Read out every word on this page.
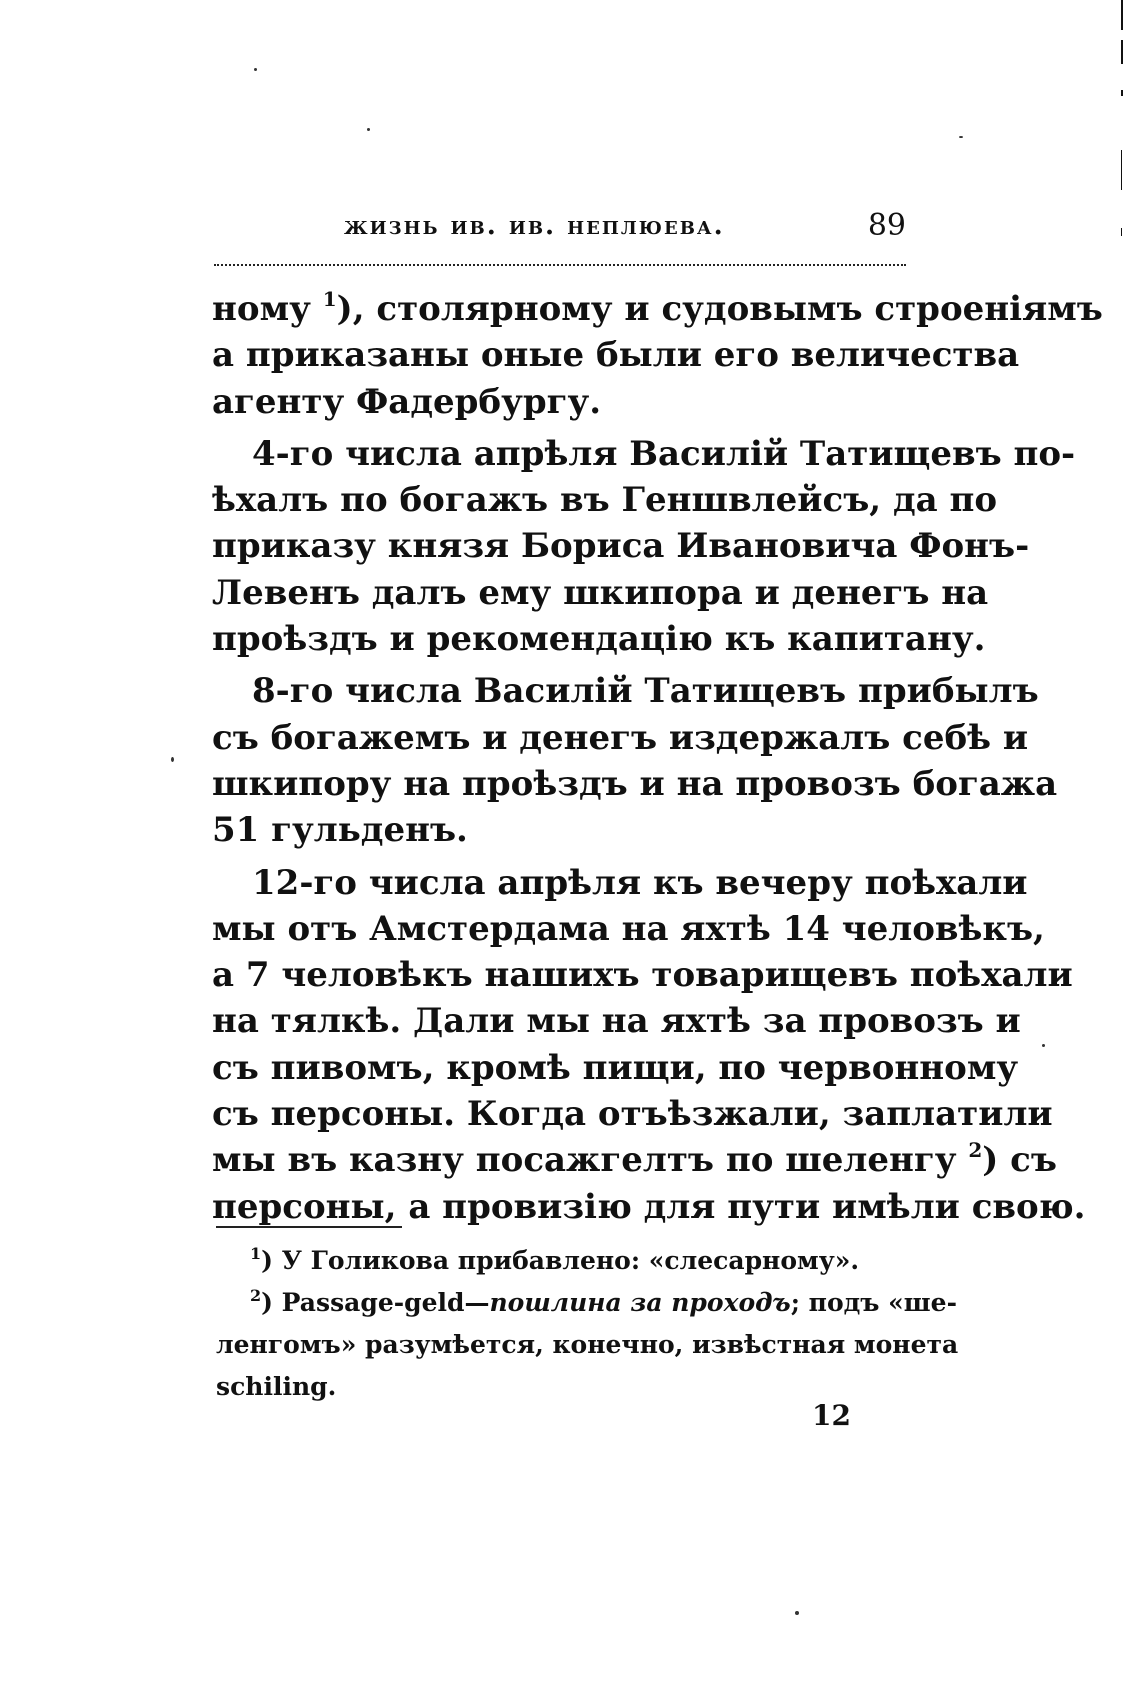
жизнь ив. ив. неплюева.	89
ному $^1$), столярному и судовымъ строеніямъ
а приказаны оные были его величества
агенту Фадербургу.
4-го числа апрѣля Василій Татищевъ по-
ѣхалъ по богажъ въ Геншвлейсъ, да по
приказу князя Бориса Ивановича Фонъ-
Левенъ далъ ему шкипора и денегъ на
проѣздъ и рекомендацію къ капитану.
8-го числа Василій Татищевъ прибылъ
съ богажемъ и денегъ издержалъ себѣ и
шкипору на проѣздъ и на провозъ богажа
51 гульденъ.
12-го числа апрѣля къ вечеру поѣхали
мы отъ Амстердама на яхтѣ 14 человѣкъ,
а 7 человѣкъ нашихъ товарищевъ поѣхали
на тялкѣ. Дали мы на яхтѣ за провозъ и
съ пивомъ, кромѣ пищи, по червонному
съ персоны. Когда отъѣзжали, заплатили
мы въ казну посажгелтъ по шеленгу $^2$) съ
персоны, а провизію для пути имѣли свою.
$^1$) У Голикова прибавлено: «слесарному».
$^2$) Passage-geld—пошлина за проходъ; подъ «ше-
ленгомъ» разумѣется, конечно, извѣстная монета
schiling.
12
